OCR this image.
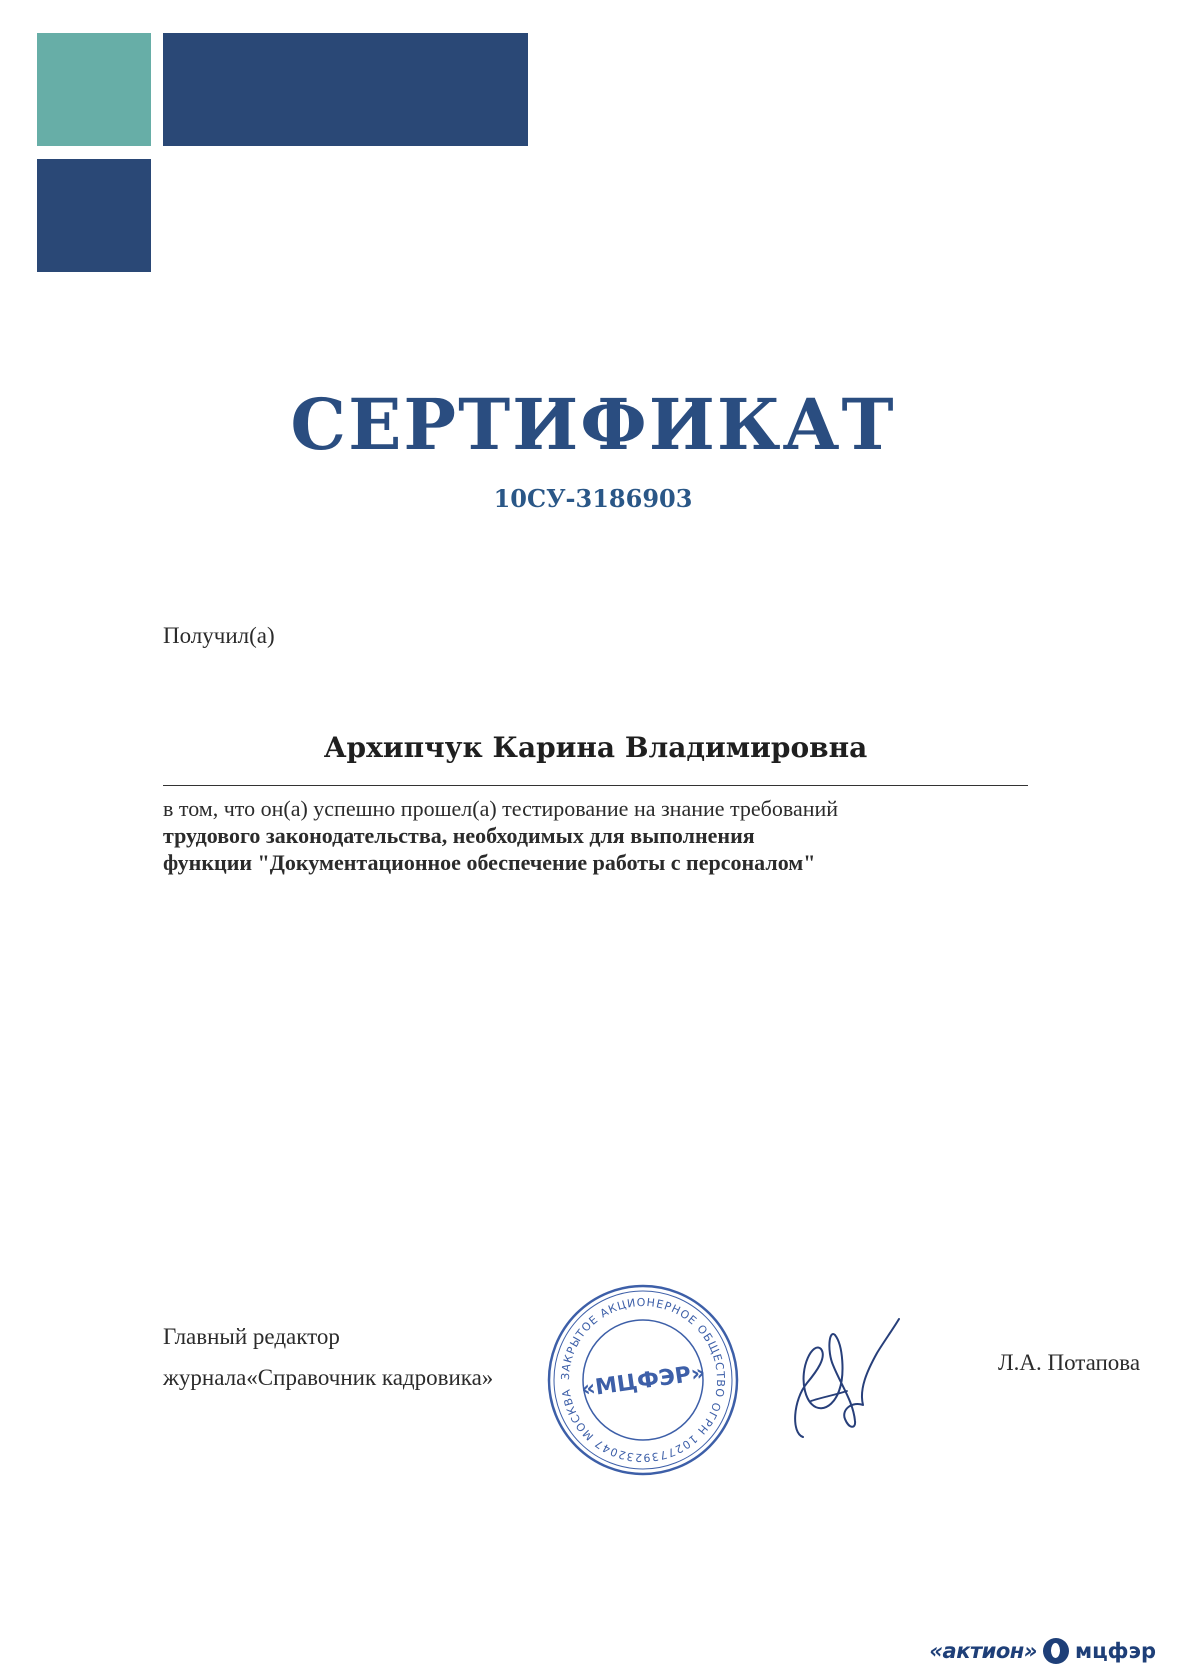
СЕРТИФИКАТ
10СУ-3186903
Получил(а)
Архипчук Карина Владимировна
в том, что он(а) успешно прошел(а) тестирование на знание требований
трудового законодательства, необходимых для выполнения
функции "Документационное обеспечение работы с персоналом"
Главный редактор
журнала«Справочник кадровика»	ЗАКРЫТОЕ АКЦИОНЕРНОЕ ОБЩЕСТВО ОГРН 1027739232047 МОСКВА «МЦФЭР»	Л.А. Потапова
«актион» мцфэр
